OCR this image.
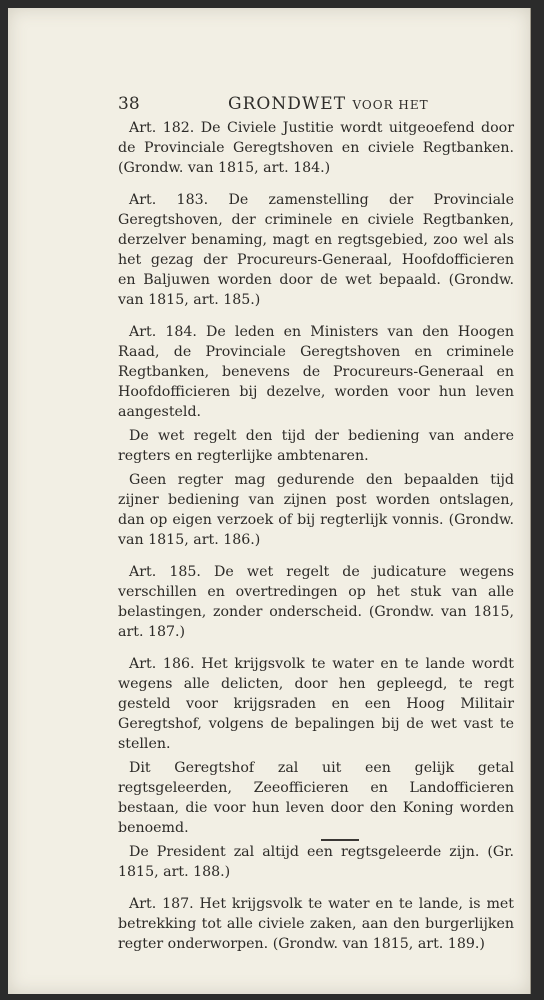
38	GRONDWET VOOR HET

Art. 182. De Civiele Justitie wordt uitgeoefend door de Provinciale Geregtshoven en civiele Regtbanken. (Grondw. van 1815, art. 184.)

Art. 183. De zamenstelling der Provinciale Geregtshoven, der criminele en civiele Regtbanken, derzelver benaming, magt en regtsgebied, zoo wel als het gezag der Procureurs-Generaal, Hoofdofficieren en Baljuwen worden door de wet bepaald. (Grondw. van 1815, art. 185.)

Art. 184. De leden en Ministers van den Hoogen Raad, de Provinciale Geregtshoven en criminele Regtbanken, benevens de Procureurs-Generaal en Hoofdofficieren bij dezelve, worden voor hun leven aangesteld.

De wet regelt den tijd der bediening van andere regters en regterlijke ambtenaren.

Geen regter mag gedurende den bepaalden tijd zijner bediening van zijnen post worden ontslagen, dan op eigen verzoek of bij regterlijk vonnis. (Grondw. van 1815, art. 186.)

Art. 185. De wet regelt de judicature wegens verschillen en overtredingen op het stuk van alle belastingen, zonder onderscheid. (Grondw. van 1815, art. 187.)

Art. 186. Het krijgsvolk te water en te lande wordt wegens alle delicten, door hen gepleegd, te regt gesteld voor krijgsraden en een Hoog Militair Geregtshof, volgens de bepalingen bij de wet vast te stellen.

Dit Geregtshof zal uit een gelijk getal regtsgeleerden, Zeeofficieren en Landofficieren bestaan, die voor hun leven door den Koning worden benoemd.

De President zal altijd een regtsgeleerde zijn. (Gr. 1815, art. 188.)

Art. 187. Het krijgsvolk te water en te lande, is met betrekking tot alle civiele zaken, aan den burgerlijken regter onderworpen. (Grondw. van 1815, art. 189.)
